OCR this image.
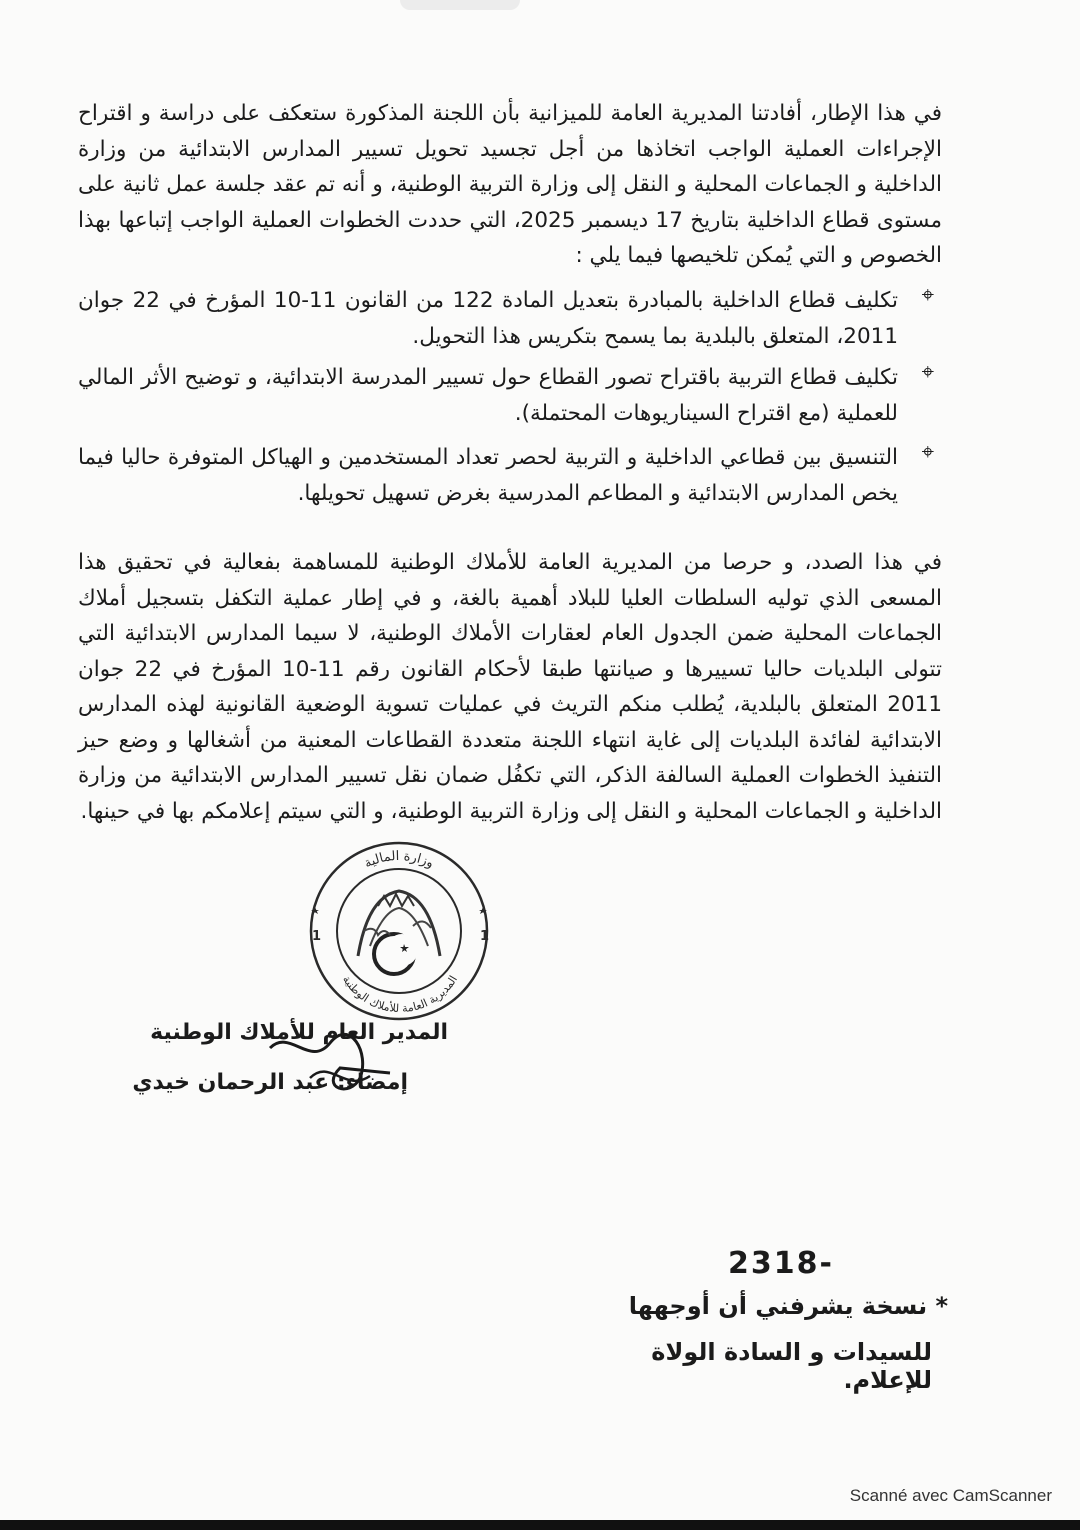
في هذا الإطار، أفادتنا المديرية العامة للميزانية بأن اللجنة المذكورة ستعكف على دراسة و اقتراح الإجراءات العملية الواجب اتخاذها من أجل تجسيد تحويل تسيير المدارس الابتدائية من وزارة الداخلية و الجماعات المحلية و النقل إلى وزارة التربية الوطنية، و أنه تم عقد جلسة عمل ثانية على مستوى قطاع الداخلية بتاريخ 17 ديسمبر 2025، التي حددت الخطوات العملية الواجب إتباعها بهذا الخصوص و التي يُمكن تلخيصها فيما يلي :

⌖
تكليف قطاع الداخلية بالمبادرة بتعديل المادة 122 من القانون 11-10 المؤرخ في 22 جوان 2011، المتعلق بالبلدية بما يسمح بتكريس هذا التحويل.
⌖
تكليف قطاع التربية باقتراح تصور القطاع حول تسيير المدرسة الابتدائية، و توضيح الأثر المالي للعملية (مع اقتراح السيناريوهات المحتملة).
⌖
التنسيق بين قطاعي الداخلية و التربية لحصر تعداد المستخدمين و الهياكل المتوفرة حاليا فيما يخص المدارس الابتدائية و المطاعم المدرسية بغرض تسهيل تحويلها.

في هذا الصدد، و حرصا من المديرية العامة للأملاك الوطنية للمساهمة بفعالية في تحقيق هذا المسعى الذي توليه السلطات العليا للبلاد أهمية بالغة، و في إطار عملية التكفل بتسجيل أملاك الجماعات المحلية ضمن الجدول العام لعقارات الأملاك الوطنية، لا سيما المدارس الابتدائية التي تتولى البلديات حاليا تسييرها و صيانتها طبقا لأحكام القانون رقم 11-10 المؤرخ في 22 جوان 2011 المتعلق بالبلدية، يُطلب منكم التريث في عمليات تسوية الوضعية القانونية لهذه المدارس الابتدائية لفائدة البلديات إلى غاية انتهاء اللجنة متعددة القطاعات المعنية من أشغالها و وضع حيز التنفيذ الخطوات العملية السالفة الذكر، التي تكفُل ضمان نقل تسيير المدارس الابتدائية من وزارة الداخلية و الجماعات المحلية و النقل إلى وزارة التربية الوطنية، و التي سيتم إعلامكم بها في حينها.

وزارة المالية
المديرية العامة للأملاك الوطنية
1	1
المدير العام للأملاك الوطنية
إمضاء: عبد الرحمان خيدي
2318-
* نسخة يشرفني أن أوجهها
للسيدات و السادة الولاة للإعلام.
Scanné avec CamScanner
